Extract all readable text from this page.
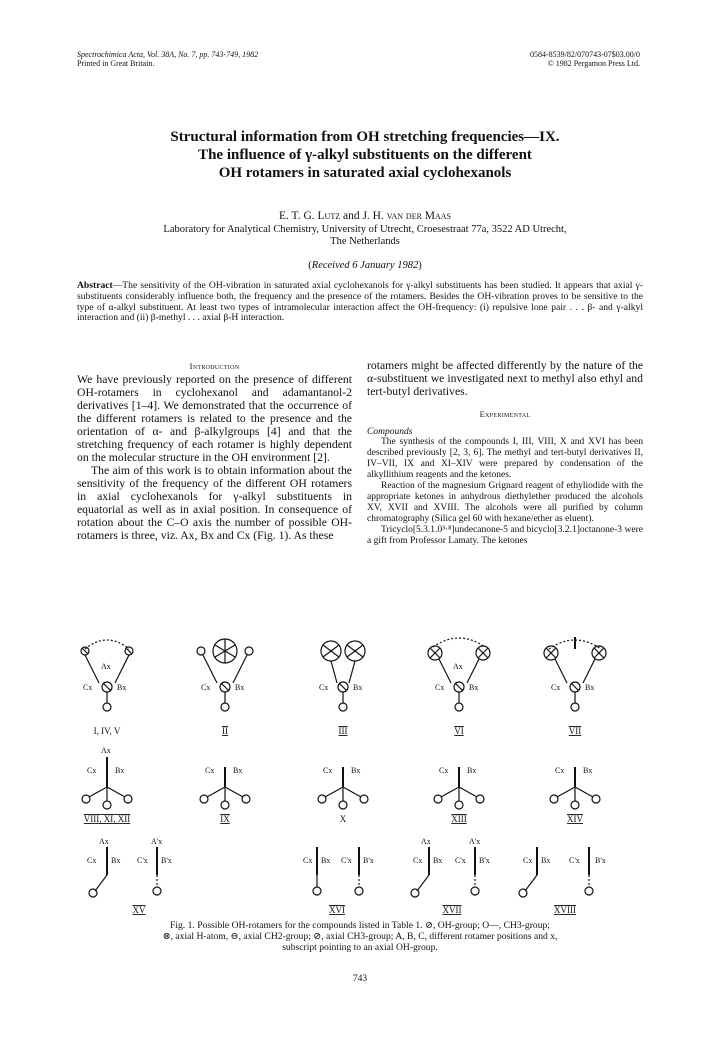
Spectrochimica Acta, Vol. 38A, No. 7, pp. 743-749, 1982
Printed in Great Britain.
0584-8539/82/070743-07$03.00/0
© 1982 Pergamon Press Ltd.
Structural information from OH stretching frequencies—IX.
The influence of γ-alkyl substituents on the different
OH rotamers in saturated axial cyclohexanols
E. T. G. Lutz and J. H. van der Maas
Laboratory for Analytical Chemistry, University of Utrecht, Croesestraat 77a, 3522 AD Utrecht,
The Netherlands
(Received 6 January 1982)
Abstract—The sensitivity of the OH-vibration in saturated axial cyclohexanols for γ-alkyl substituents has been studied. It appears that axial γ-substituents considerably influence both, the frequency and the presence of the rotamers. Besides the OH-vibration proves to be sensitive to the type of α-alkyl substituent. At least two types of intramolecular interaction affect the OH-frequency: (i) repulsive lone pair . . . β- and γ-alkyl interaction and (ii) β-methyl . . . axial β-H interaction.
Introduction

We have previously reported on the presence of different OH-rotamers in cyclohexanol and adamantanol-2 derivatives [1–4]. We demonstrated that the occurrence of the different rotamers is related to the presence and the orientation of α- and β-alkylgroups [4] and that the stretching frequency of each rotamer is highly dependent on the molecular structure in the OH environment [2].

The aim of this work is to obtain information about the sensitivity of the frequency of the different OH rotamers in axial cyclohexanols for γ-alkyl substituents in equatorial as well as in axial position. In consequence of rotation about the C–O axis the number of possible OH-rotamers is three, viz. Ax, Bx and Cx (Fig. 1). As these

rotamers might be affected differently by the nature of the α-substituent we investigated next to methyl also ethyl and tert-butyl derivatives.

Experimental
Compounds

The synthesis of the compounds I, III, VIII, X and XVI has been described previously [2, 3, 6]. The methyl and tert-butyl derivatives II, IV–VII, IX and XI–XIV were prepared by condensation of the alkyllithium reagents and the ketones.

Reaction of the magnesium Grignard reagent of ethyliodide with the appropriate ketones in anhydrous diethylether produced the alcohols XV, XVII and XVIII. The alcohols were all purified by column chromatography (Silica gel 60 with hexane/ether as eluent).

Tricyclo[5.3.1.0³·⁸]undecanone-5 and bicyclo[3.2.1]octanone-3 were a gift from Professor Lamaty. The ketones

Ax
Cx	Bx	Cx	Bx	Cx	Bx
Ax
Cx	Bx	Cx	Bx
I, IV, V	II	III	VI	VII
Ax
Cx Bx	Cx Bx	Cx Bx	Cx Bx	Cx Bx
VIII, XI, XII	IX	X	XIII	XIV
Ax	A'x
Cx Bx C'x B'x	Cx Bx C'x B'x
Ax	A'x
Cx Bx C'x B'x	Cx Bx C'x B'x
XV	XVI	XVII	XVIII
Fig. 1. Possible OH-rotamers for the compounds listed in Table 1. ⊘, OH-group; O—, CH3-group;
⊗, axial H-atom, ⊖, axial CH2-group; ⊘, axial CH3-group; A, B, C, different rotamer positions and x,
subscript pointing to an axial OH-group.
743
